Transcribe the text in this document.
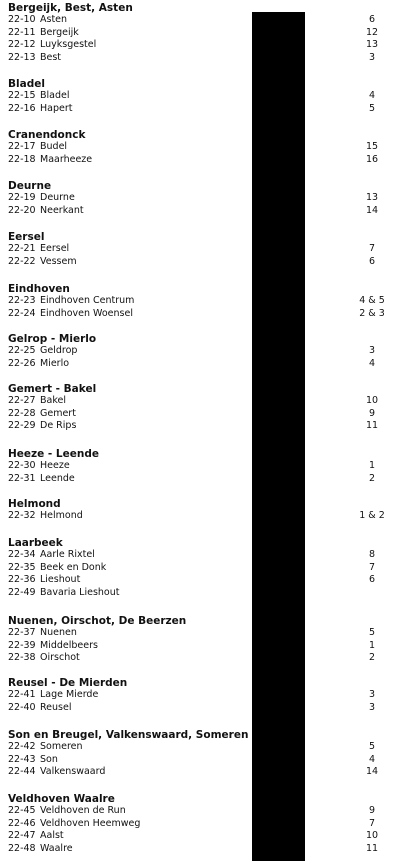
Bergeijk, Best, Asten
22-10 Asten	6
22-11 Bergeijk	12
22-12 Luyksgestel	13
22-13 Best	3
Bladel
22-15 Bladel	4
22-16 Hapert	5
Cranendonck
22-17 Budel	15
22-18 Maarheeze	16
Deurne
22-19 Deurne	13
22-20 Neerkant	14
Eersel
22-21 Eersel	7
22-22 Vessem	6
Eindhoven
22-23 Eindhoven Centrum	4 & 5
22-24 Eindhoven Woensel	2 & 3
Gelrop - Mierlo
22-25 Geldrop	3
22-26 Mierlo	4
Gemert - Bakel
22-27 Bakel	10
22-28 Gemert	9
22-29 De Rips	11
Heeze - Leende
22-30 Heeze	1
22-31 Leende	2
Helmond
22-32 Helmond	1 & 2
Laarbeek
22-34 Aarle Rixtel	8
22-35 Beek en Donk	7
22-36 Lieshout	6
22-49 Bavaria Lieshout
Nuenen, Oirschot, De Beerzen
22-37 Nuenen	5
22-39 Middelbeers	1
22-38 Oirschot	2
Reusel - De Mierden
22-41 Lage Mierde	3
22-40 Reusel	3
Son en Breugel, Valkenswaard, Someren
22-42 Someren	5
22-43 Son	4
22-44 Valkenswaard	14
Veldhoven Waalre
22-45 Veldhoven de Run	9
22-46 Veldhoven Heemweg	7
22-47 Aalst	10
22-48 Waalre	11
